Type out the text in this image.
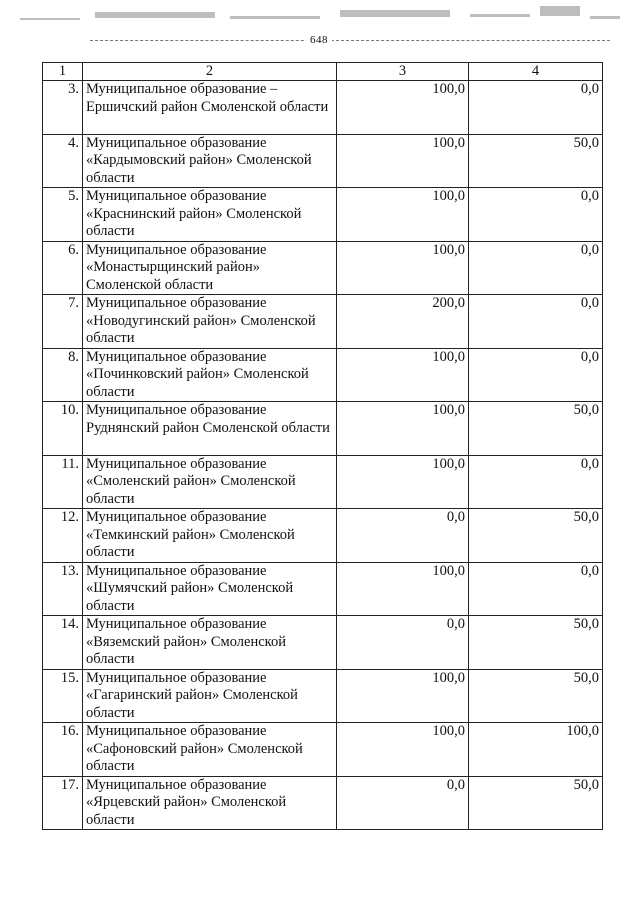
648
1	2	3	4
3.	Муниципальное образование – Ершичский район Смоленской области	100,0	0,0
4.	Муниципальное образование «Кардымовский район» Смоленской области	100,0	50,0
5.	Муниципальное образование «Краснинский район» Смоленской области	100,0	0,0
6.	Муниципальное образование «Монастырщинский район» Смоленской области	100,0	0,0
7.	Муниципальное образование «Новодугинский район» Смоленской области	200,0	0,0
8.	Муниципальное образование «Починковский район» Смоленской области	100,0	0,0
10.	Муниципальное образование Руднянский район Смоленской области	100,0	50,0
11.	Муниципальное образование «Смоленский район» Смоленской области	100,0	0,0
12.	Муниципальное образование «Темкинский район» Смоленской области	0,0	50,0
13.	Муниципальное образование «Шумячский район» Смоленской области	100,0	0,0
14.	Муниципальное образование «Вяземский район» Смоленской области	0,0	50,0
15.	Муниципальное образование «Гагаринский район» Смоленской области	100,0	50,0
16.	Муниципальное образование «Сафоновский район» Смоленской области	100,0	100,0
17.	Муниципальное образование «Ярцевский район» Смоленской области	0,0	50,0
